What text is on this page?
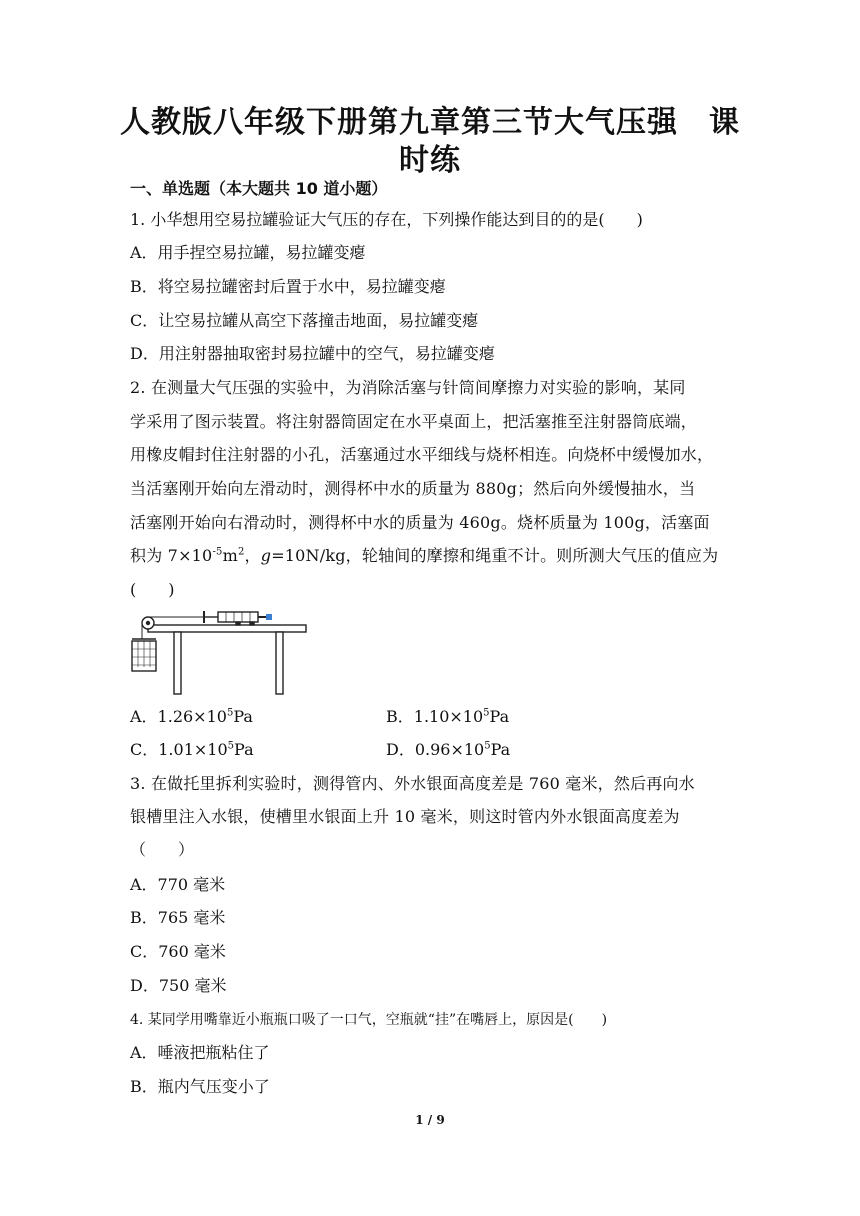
人教版八年级下册第九章第三节大气压强　课
时练
一、单选题（本大题共 10 道小题）
1. 小华想用空易拉罐验证大气压的存在，下列操作能达到目的的是(　　)
A．用手捏空易拉罐，易拉罐变瘪
B．将空易拉罐密封后置于水中，易拉罐变瘪
C．让空易拉罐从高空下落撞击地面，易拉罐变瘪
D．用注射器抽取密封易拉罐中的空气，易拉罐变瘪
2. 在测量大气压强的实验中，为消除活塞与针筒间摩擦力对实验的影响，某同
学采用了图示装置。将注射器筒固定在水平桌面上，把活塞推至注射器筒底端，
用橡皮帽封住注射器的小孔，活塞通过水平细线与烧杯相连。向烧杯中缓慢加水，
当活塞刚开始向左滑动时，测得杯中水的质量为 880g；然后向外缓慢抽水，当
活塞刚开始向右滑动时，测得杯中水的质量为 460g。烧杯质量为 100g，活塞面
积为 $7\times 10^{-5}m^2$，g=10N/kg，轮轴间的摩擦和绳重不计。则所测大气压的值应为
(　　)
A．$1.26\times 10^5Pa$	B．$1.10\times 10^5Pa$
C．$1.01\times 10^5Pa$	D．$0.96\times 10^5Pa$
3. 在做托里拆利实验时，测得管内、外水银面高度差是 760 毫米，然后再向水
银槽里注入水银，使槽里水银面上升 10 毫米，则这时管内外水银面高度差为
（　　）
A．770 毫米
B．765 毫米
C．760 毫米
D．750 毫米
4. 某同学用嘴靠近小瓶瓶口吸了一口气，空瓶就“挂”在嘴唇上，原因是(　　)
A．唾液把瓶粘住了
B．瓶内气压变小了
1 / 9
